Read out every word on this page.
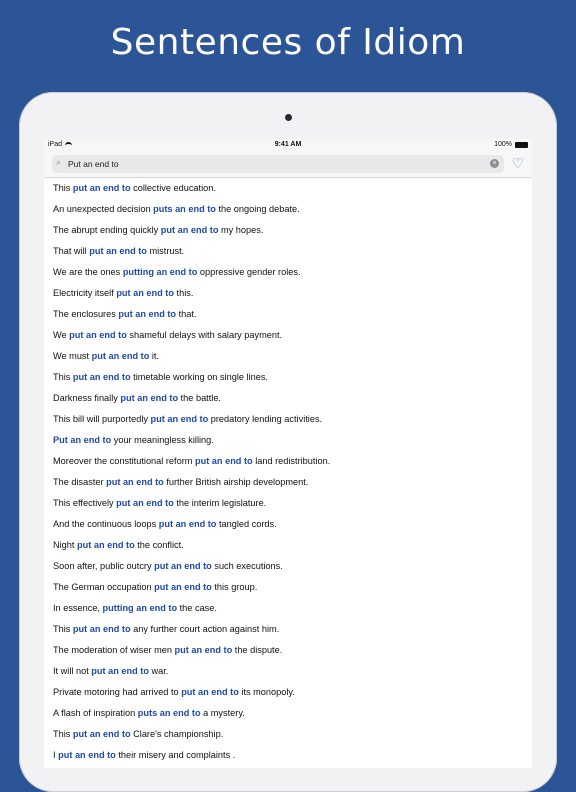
Sentences of Idiom
iPad	9:41 AM	100%
⌕ Put an end to	× ♡
This put an end to collective education.
An unexpected decision puts an end to the ongoing debate.
The abrupt ending quickly put an end to my hopes.
That will put an end to mistrust.
We are the ones putting an end to oppressive gender roles.
Electricity itself put an end to this.
The enclosures put an end to that.
We put an end to shameful delays with salary payment.
We must put an end to it.
This put an end to timetable working on single lines.
Darkness finally put an end to the battle.
This bill will purportedly put an end to predatory lending activities.
Put an end to your meaningless killing.
Moreover the constitutional reform put an end to land redistribution.
The disaster put an end to further British airship development.
This effectively put an end to the interim legislature.
And the continuous loops put an end to tangled cords.
Night put an end to the conflict.
Soon after, public outcry put an end to such executions.
The German occupation put an end to this group.
In essence, putting an end to the case.
This put an end to any further court action against him.
The moderation of wiser men put an end to the dispute.
It will not put an end to war.
Private motoring had arrived to put an end to its monopoly.
A flash of inspiration puts an end to a mystery.
This put an end to Clare's championship.
I put an end to their misery and complaints .
